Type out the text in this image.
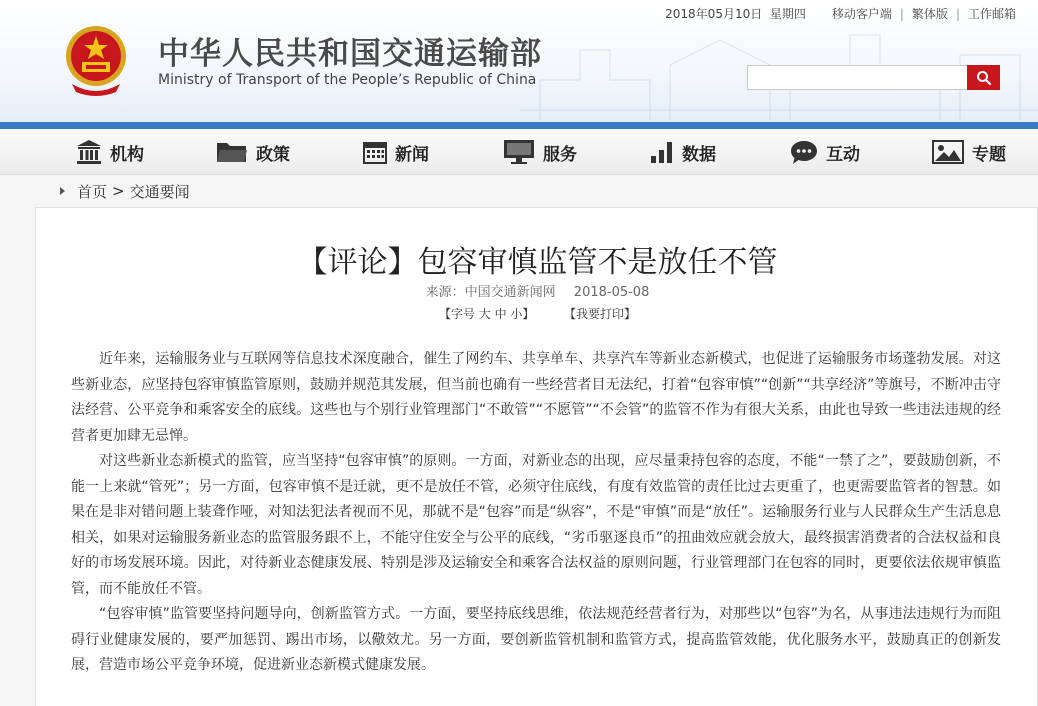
中华人民共和国交通运输部
Ministry of Transport of the People’s Republic of China
2018年05月10日  星期四 移动客户端 | 繁体版 | 工作邮箱
机构	政策	新闻	服务	数据	互动	专题
首页 > 交通要闻
【评论】包容审慎监管不是放任不管
来源：中国交通新闻网 2018-05-08
【字号 大 中 小】 【我要打印】

近年来，运输服务业与互联网等信息技术深度融合，催生了网约车、共享单车、共享汽车等新业态新模式，也促进了运输服务市场蓬勃发展。对这些新业态，应坚持包容审慎监管原则，鼓励并规范其发展，但当前也确有一些经营者目无法纪，打着“包容审慎”“创新”“共享经济”等旗号，不断冲击守法经营、公平竞争和乘客安全的底线。这些也与个别行业管理部门“不敢管”“不愿管”“不会管”的监管不作为有很大关系，由此也导致一些违法违规的经营者更加肆无忌惮。

对这些新业态新模式的监管，应当坚持“包容审慎”的原则。一方面，对新业态的出现，应尽量秉持包容的态度，不能“一禁了之”，要鼓励创新，不能一上来就“管死”；另一方面，包容审慎不是迁就，更不是放任不管，必须守住底线，有度有效监管的责任比过去更重了，也更需要监管者的智慧。如果在是非对错问题上装聋作哑，对知法犯法者视而不见，那就不是“包容”而是“纵容”，不是“审慎”而是“放任”。运输服务行业与人民群众生产生活息息相关，如果对运输服务新业态的监管服务跟不上，不能守住安全与公平的底线，“劣币驱逐良币”的扭曲效应就会放大，最终损害消费者的合法权益和良好的市场发展环境。因此，对待新业态健康发展、特别是涉及运输安全和乘客合法权益的原则问题，行业管理部门在包容的同时，更要依法依规审慎监管，而不能放任不管。

“包容审慎”监管要坚持问题导向，创新监管方式。一方面，要坚持底线思维，依法规范经营者行为，对那些以“包容”为名，从事违法违规行为而阻碍行业健康发展的，要严加惩罚、踢出市场，以儆效尤。另一方面，要创新监管机制和监管方式，提高监管效能，优化服务水平，鼓励真正的创新发展，营造市场公平竞争环境，促进新业态新模式健康发展。
